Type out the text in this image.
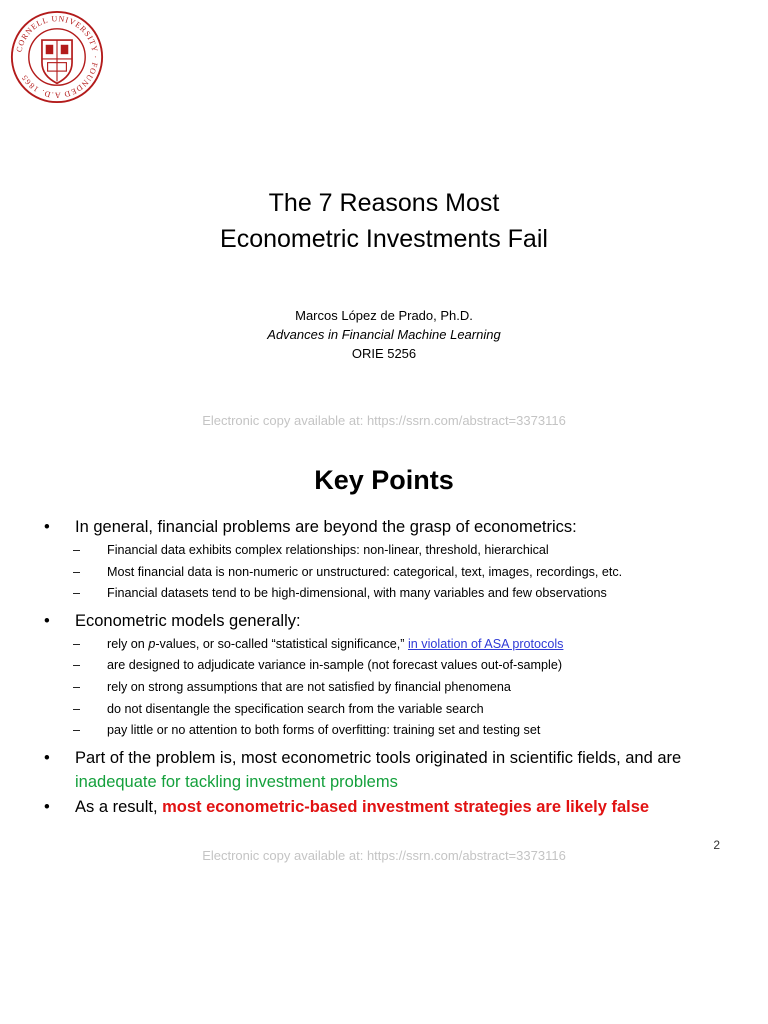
CORNELL UNIVERSITY · FOUNDED A.D. 1865
The 7 Reasons Most
Econometric Investments Fail
Marcos López de Prado, Ph.D.
Advances in Financial Machine Learning
ORIE 5256
Electronic copy available at: https://ssrn.com/abstract=3373116
Key Points
• In general, financial problems are beyond the grasp of econometrics:
– Financial data exhibits complex relationships: non-linear, threshold, hierarchical
– Most financial data is non-numeric or unstructured: categorical, text, images, recordings, etc.
– Financial datasets tend to be high-dimensional, with many variables and few observations
• Econometric models generally:
– rely on p-values, or so-called “statistical significance,” in violation of ASA protocols
– are designed to adjudicate variance in-sample (not forecast values out-of-sample)
– rely on strong assumptions that are not satisfied by financial phenomena
– do not disentangle the specification search from the variable search
– pay little or no attention to both forms of overfitting: training set and testing set
• Part of the problem is, most econometric tools originated in scientific fields, and are inadequate for tackling investment problems
• As a result, most econometric-based investment strategies are likely false
2
Electronic copy available at: https://ssrn.com/abstract=3373116
